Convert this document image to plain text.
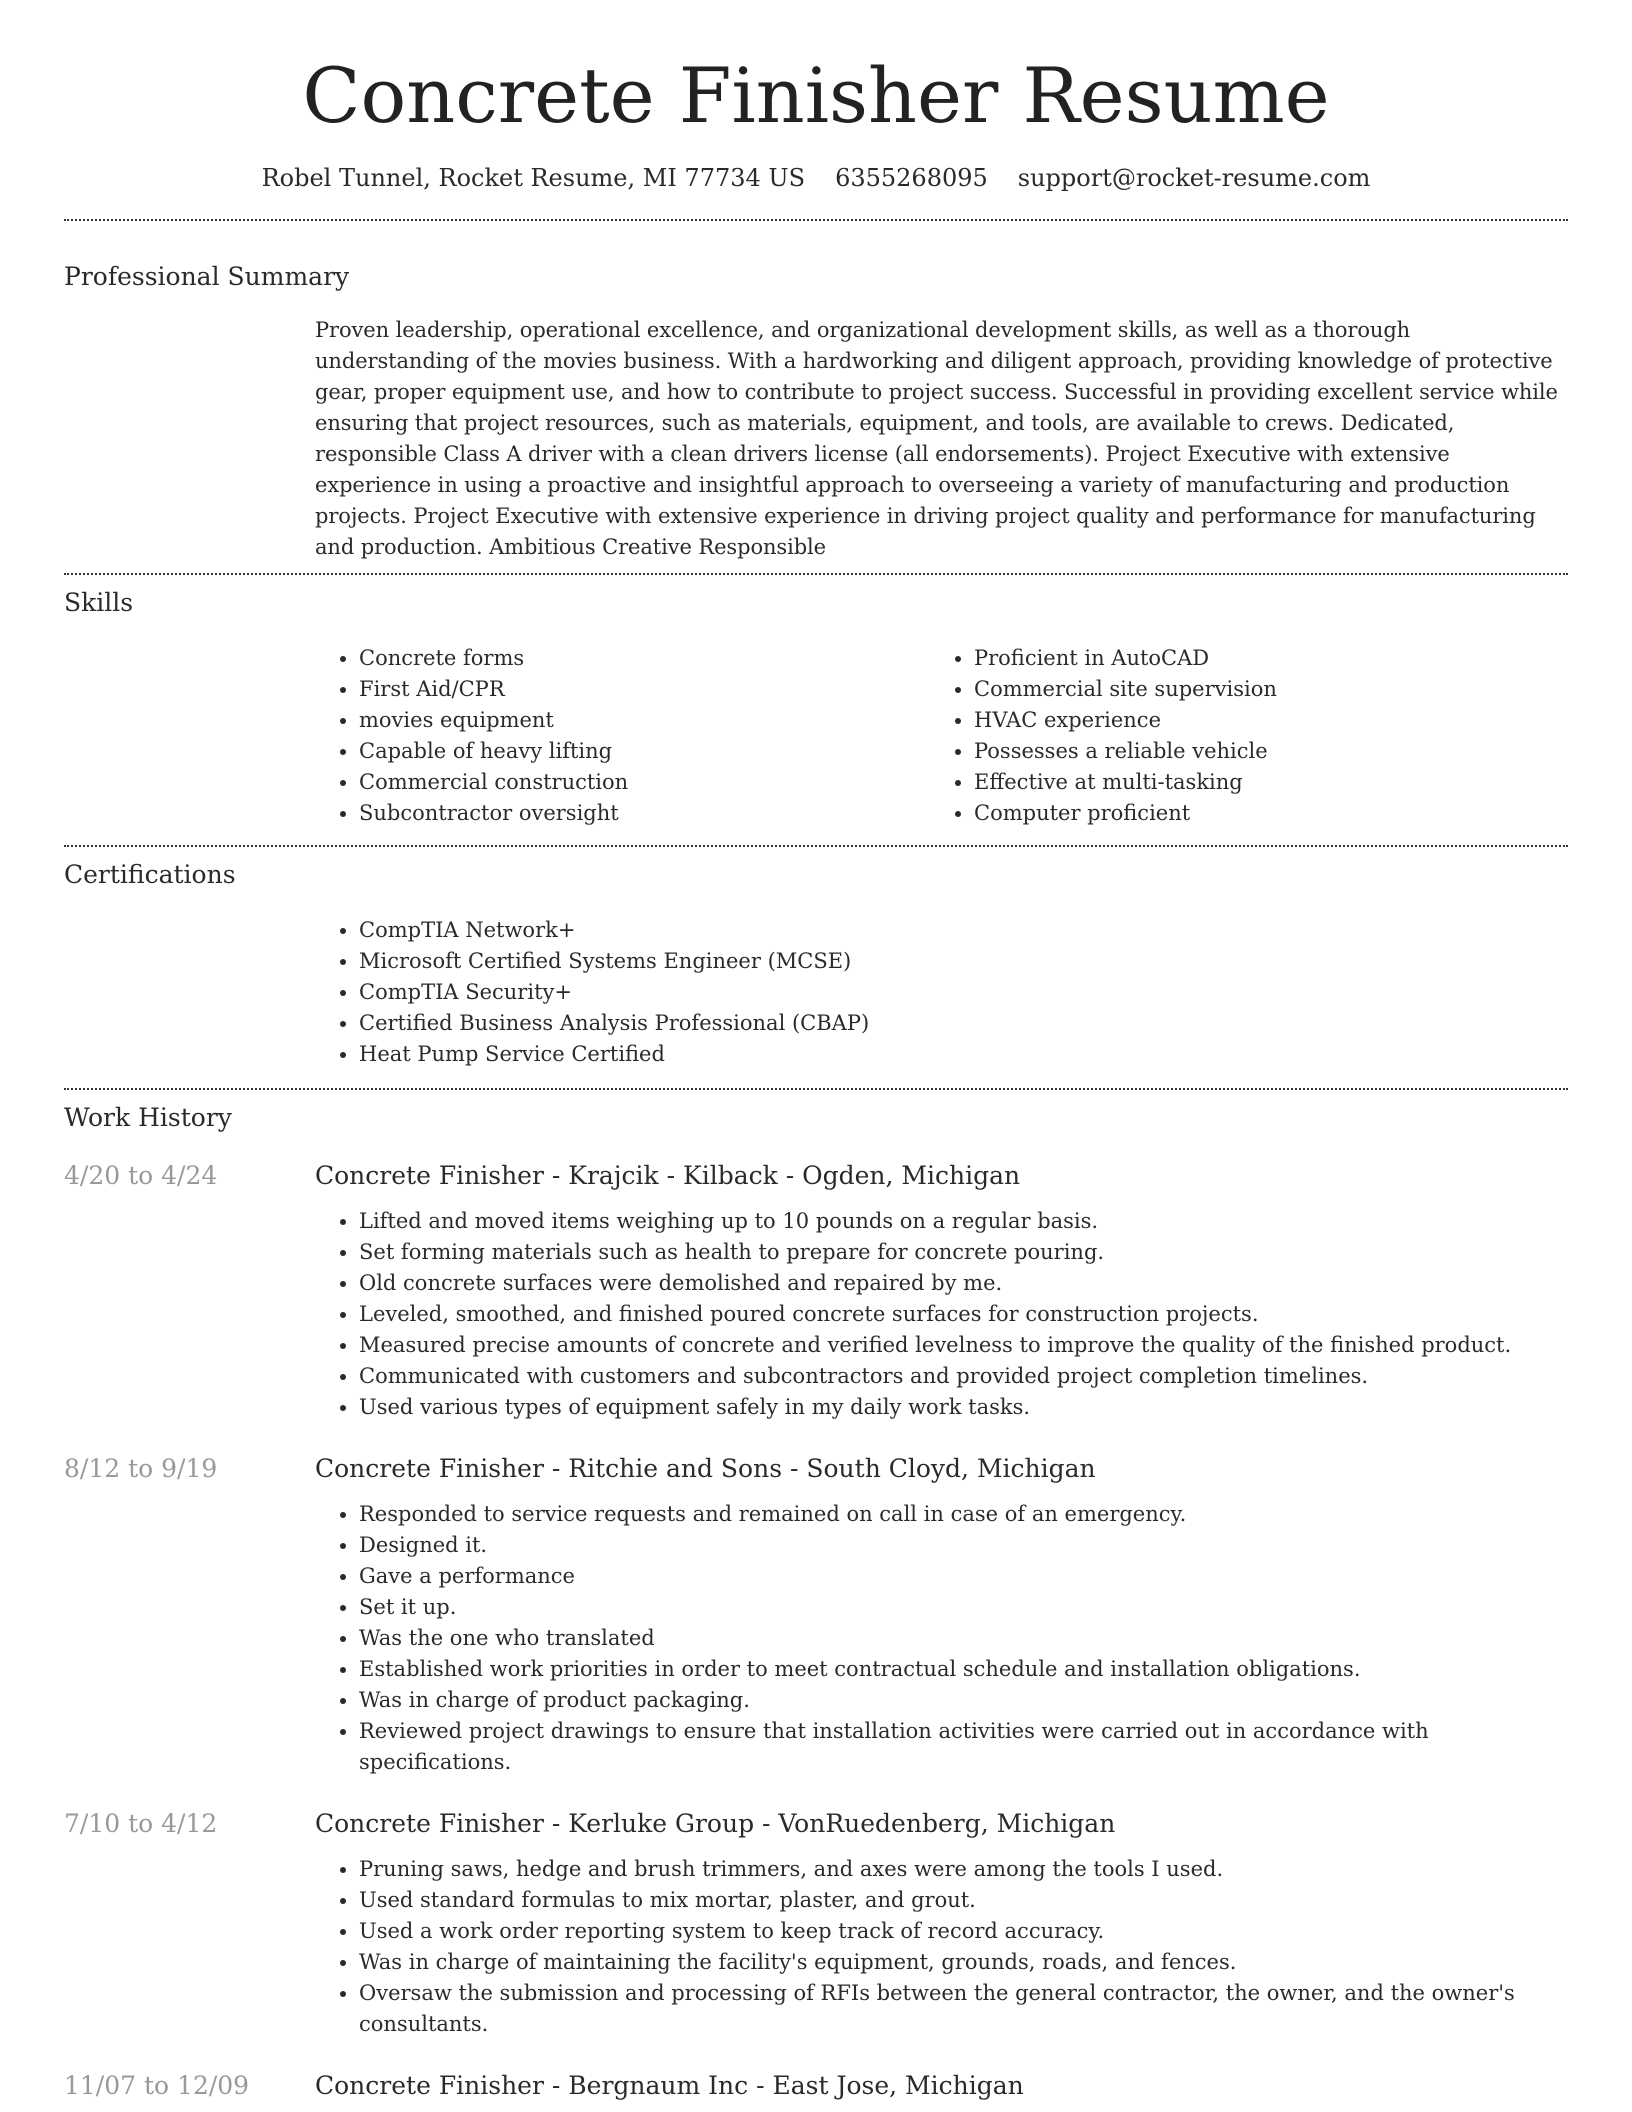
Concrete Finisher Resume
Robel Tunnel, Rocket Resume, MI 77734 US 6355268095 support@rocket-resume.com
Professional Summary

Proven leadership, operational excellence, and organizational development skills, as well as a thorough understanding of the movies business. With a hardworking and diligent approach, providing knowledge of protective gear, proper equipment use, and how to contribute to project success. Successful in providing excellent service while ensuring that project resources, such as materials, equipment, and tools, are available to crews. Dedicated, responsible Class A driver with a clean drivers license (all endorsements). Project Executive with extensive experience in using a proactive and insightful approach to overseeing a variety of manufacturing and production projects. Project Executive with extensive experience in driving project quality and performance for manufacturing and production. Ambitious Creative Responsible

Skills
• Concrete forms
• First Aid/CPR
• movies equipment
• Capable of heavy lifting
• Commercial construction
• Subcontractor oversight
• Proficient in AutoCAD
• Commercial site supervision
• HVAC experience
• Possesses a reliable vehicle
• Effective at multi-tasking
• Computer proficient
Certifications
• CompTIA Network+
• Microsoft Certified Systems Engineer (MCSE)
• CompTIA Security+
• Certified Business Analysis Professional (CBAP)
• Heat Pump Service Certified
Work History
4/20 to 4/24	Concrete Finisher - Krajcik - Kilback - Ogden, Michigan
• Lifted and moved items weighing up to 10 pounds on a regular basis.
• Set forming materials such as health to prepare for concrete pouring.
• Old concrete surfaces were demolished and repaired by me.
• Leveled, smoothed, and finished poured concrete surfaces for construction projects.
• Measured precise amounts of concrete and verified levelness to improve the quality of the finished product.
• Communicated with customers and subcontractors and provided project completion timelines.
• Used various types of equipment safely in my daily work tasks.
8/12 to 9/19	Concrete Finisher - Ritchie and Sons - South Cloyd, Michigan
• Responded to service requests and remained on call in case of an emergency.
• Designed it.
• Gave a performance
• Set it up.
• Was the one who translated
• Established work priorities in order to meet contractual schedule and installation obligations.
• Was in charge of product packaging.
• Reviewed project drawings to ensure that installation activities were carried out in accordance with specifications.
7/10 to 4/12	Concrete Finisher - Kerluke Group - VonRuedenberg, Michigan
• Pruning saws, hedge and brush trimmers, and axes were among the tools I used.
• Used standard formulas to mix mortar, plaster, and grout.
• Used a work order reporting system to keep track of record accuracy.
• Was in charge of maintaining the facility's equipment, grounds, roads, and fences.
• Oversaw the submission and processing of RFIs between the general contractor, the owner, and the owner's consultants.
11/07 to 12/09	Concrete Finisher - Bergnaum Inc - East Jose, Michigan
